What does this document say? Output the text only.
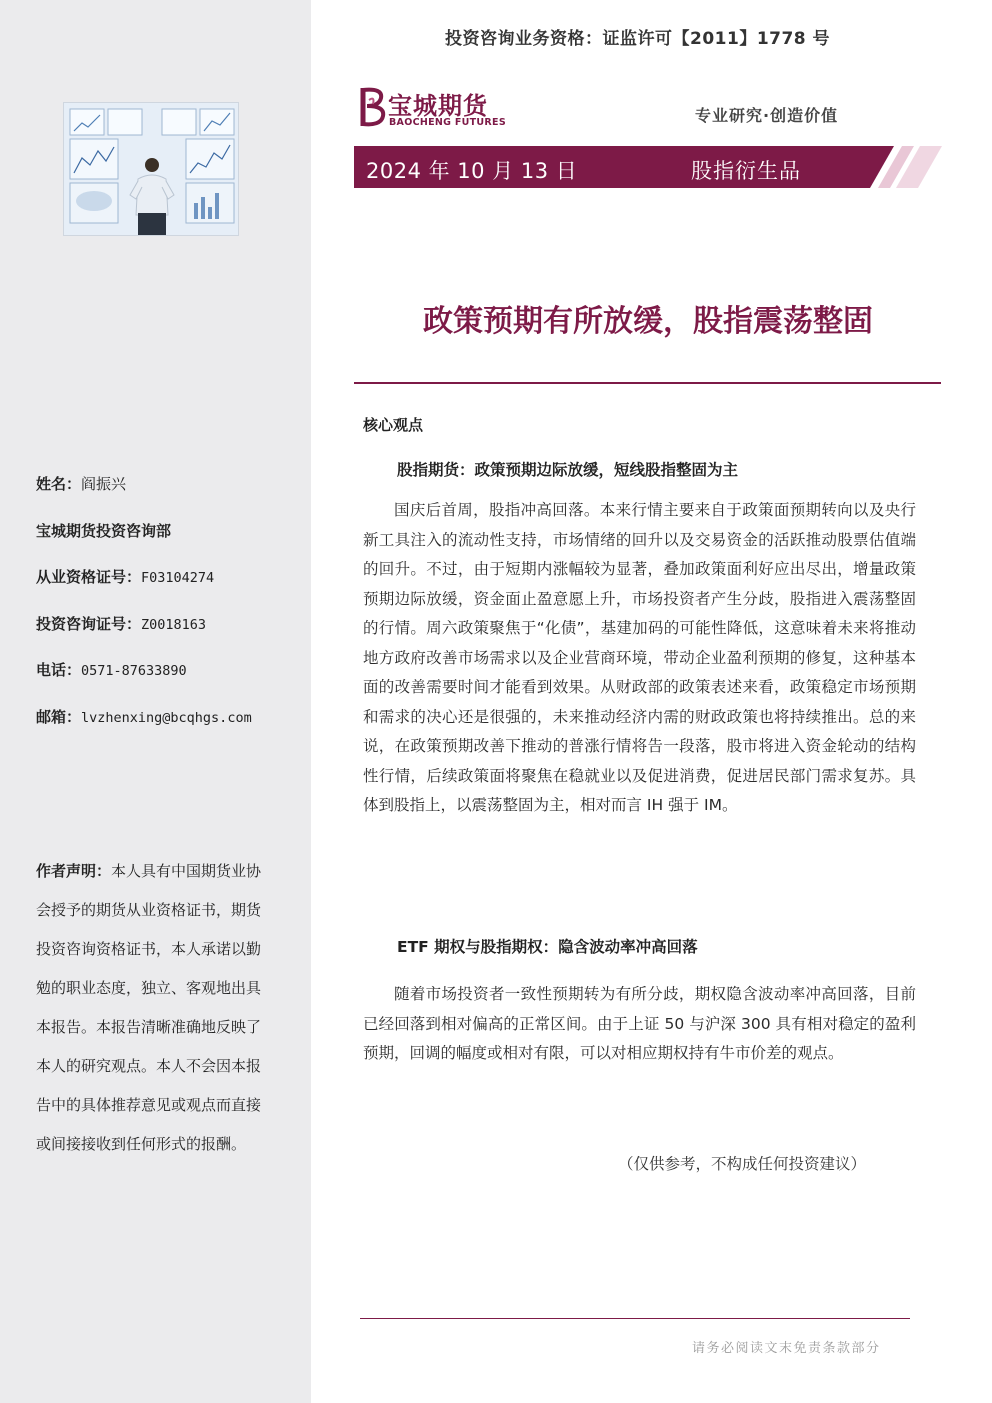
姓名：阎振兴
宝城期货投资咨询部
从业资格证号：F03104274
投资咨询证号：Z0018163
电话：0571-87633890
邮箱：lvzhenxing@bcqhgs.com
作者声明：本人具有中国期货业协会授予的期货从业资格证书，期货投资咨询资格证书，本人承诺以勤勉的职业态度，独立、客观地出具本报告。本报告清晰准确地反映了本人的研究观点。本人不会因本报告中的具体推荐意见或观点而直接或间接接收到任何形式的报酬。
投资咨询业务资格：证监许可【2011】1778 号
宝城期货
BAOCHENG FUTURES	专业研究·创造价值
2024 年 10 月 13 日	股指衍生品
政策预期有所放缓，股指震荡整固
核心观点
股指期货：政策预期边际放缓，短线股指整固为主

国庆后首周，股指冲高回落。本来行情主要来自于政策面预期转向以及央行新工具注入的流动性支持，市场情绪的回升以及交易资金的活跃推动股票估值端的回升。不过，由于短期内涨幅较为显著，叠加政策面利好应出尽出，增量政策预期边际放缓，资金面止盈意愿上升，市场投资者产生分歧，股指进入震荡整固的行情。周六政策聚焦于“化债”，基建加码的可能性降低，这意味着未来将推动地方政府改善市场需求以及企业营商环境，带动企业盈利预期的修复，这种基本面的改善需要时间才能看到效果。从财政部的政策表述来看，政策稳定市场预期和需求的决心还是很强的，未来推动经济内需的财政政策也将持续推出。总的来说，在政策预期改善下推动的普涨行情将告一段落，股市将进入资金轮动的结构性行情，后续政策面将聚焦在稳就业以及促进消费，促进居民部门需求复苏。具体到股指上，以震荡整固为主，相对而言 IH 强于 IM。

ETF 期权与股指期权：隐含波动率冲高回落

随着市场投资者一致性预期转为有所分歧，期权隐含波动率冲高回落，目前已经回落到相对偏高的正常区间。由于上证 50 与沪深 300 具有相对稳定的盈利预期，回调的幅度或相对有限，可以对相应期权持有牛市价差的观点。

（仅供参考，不构成任何投资建议）
请务必阅读文末免责条款部分
